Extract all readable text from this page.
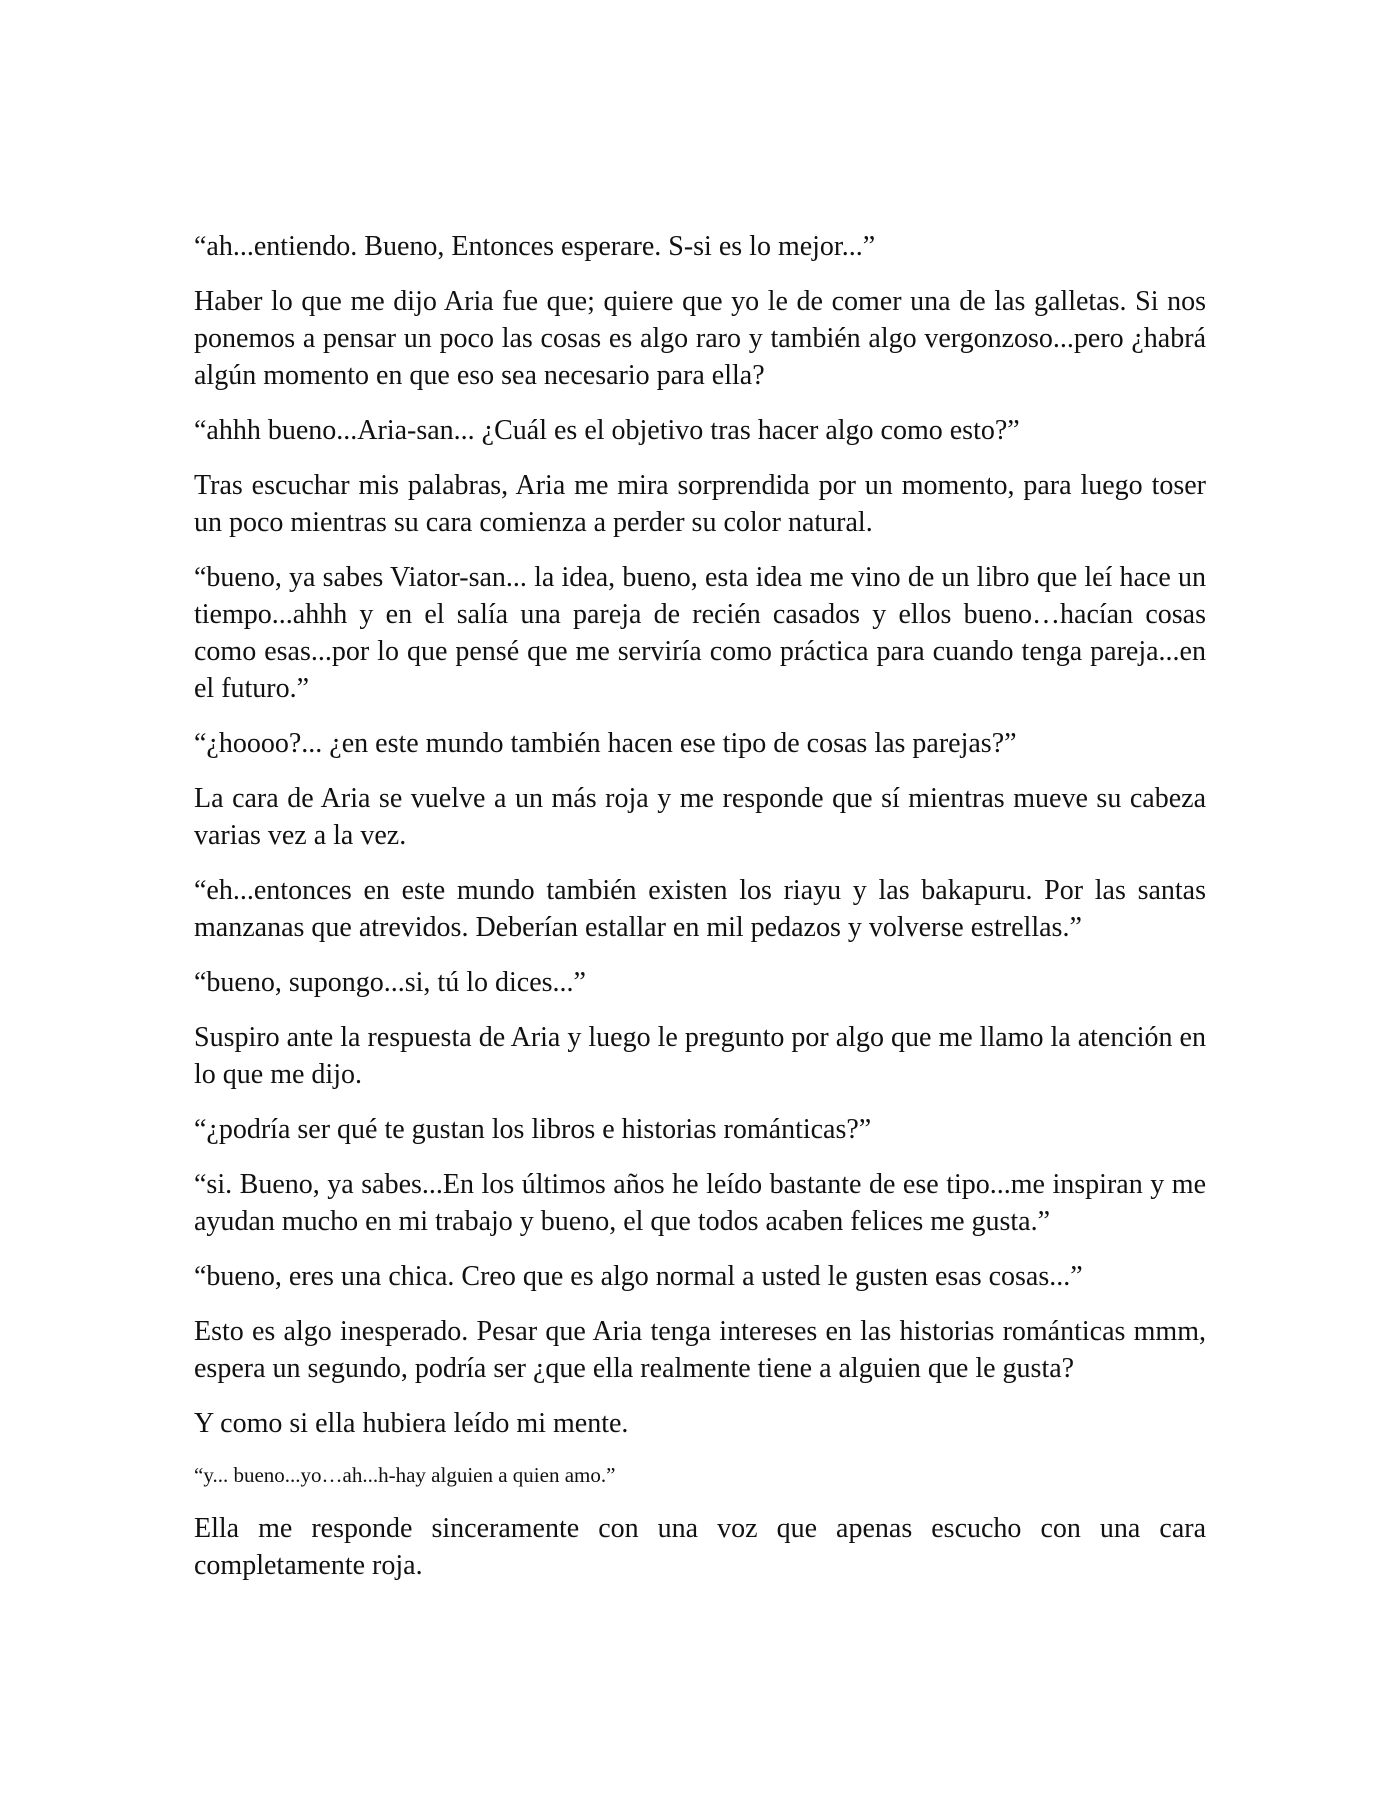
“ah...entiendo. Bueno, Entonces esperare. S-si es lo mejor...”

Haber lo que me dijo Aria fue que; quiere que yo le de comer una de las galletas. Si nos ponemos a pensar un poco las cosas es algo raro y también algo vergonzoso...pero ¿habrá algún momento en que eso sea necesario para ella?

“ahhh bueno...Aria-san... ¿Cuál es el objetivo tras hacer algo como esto?”

Tras escuchar mis palabras, Aria me mira sorprendida por un momento, para luego toser un poco mientras su cara comienza a perder su color natural.

“bueno, ya sabes Viator-san... la idea, bueno, esta idea me vino de un libro que leí hace un tiempo...ahhh y en el salía una pareja de recién casados y ellos bueno…hacían cosas como esas...por lo que pensé que me serviría como práctica para cuando tenga pareja...en el futuro.”

“¿hoooo?... ¿en este mundo también hacen ese tipo de cosas las parejas?”

La cara de Aria se vuelve a un más roja y me responde que sí mientras mueve su cabeza varias vez a la vez.

“eh...entonces en este mundo también existen los riayu y las bakapuru. Por las santas manzanas que atrevidos. Deberían estallar en mil pedazos y volverse estrellas.”

“bueno, supongo...si, tú lo dices...”

Suspiro ante la respuesta de Aria y luego le pregunto por algo que me llamo la atención en lo que me dijo.

“¿podría ser qué te gustan los libros e historias románticas?”

“si. Bueno, ya sabes...En los últimos años he leído bastante de ese tipo...me inspiran y me ayudan mucho en mi trabajo y bueno, el que todos acaben felices me gusta.”

“bueno, eres una chica. Creo que es algo normal a usted le gusten esas cosas...”

Esto es algo inesperado. Pesar que Aria tenga intereses en las historias románticas mmm, espera un segundo, podría ser ¿que ella realmente tiene a alguien que le gusta?

Y como si ella hubiera leído mi mente.

“y... bueno...yo…ah...h-hay alguien a quien amo.”

Ella me responde sinceramente con una voz que apenas escucho con una cara completamente roja.
